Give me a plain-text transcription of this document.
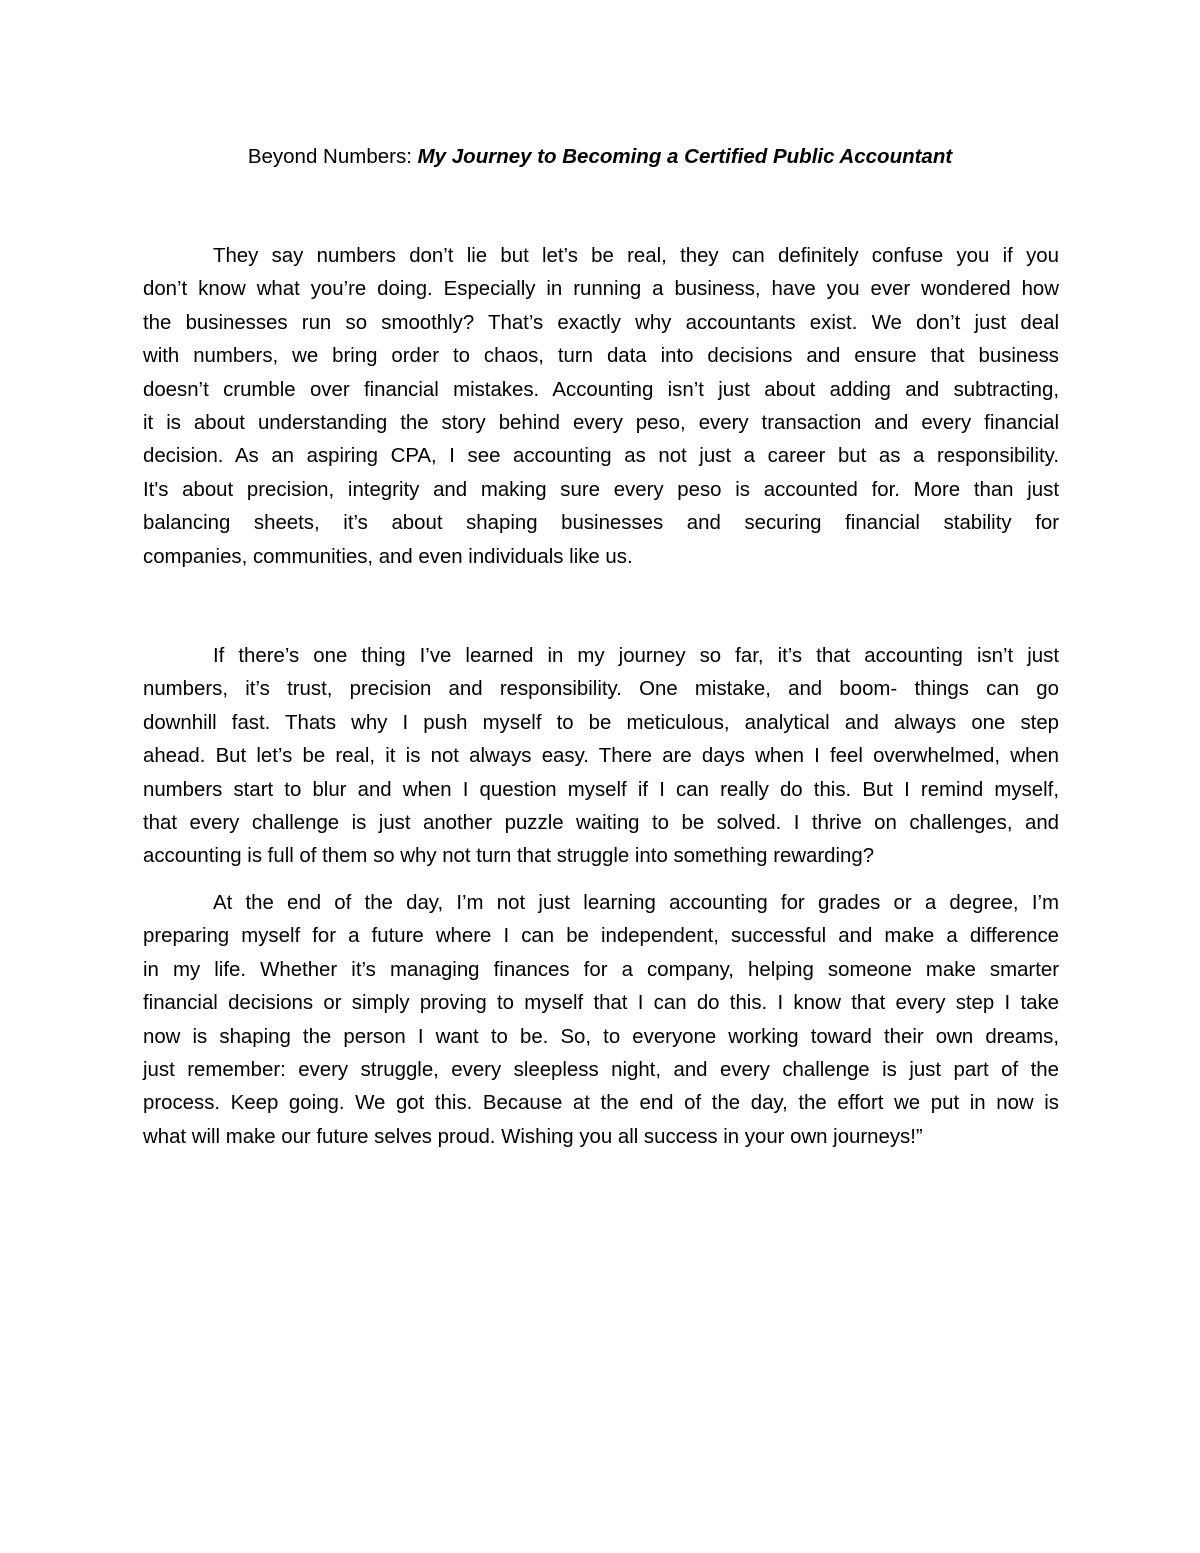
Beyond Numbers: My Journey to Becoming a Certified Public Accountant
They say numbers don’t lie but let’s be real, they can definitely confuse you if you
don’t know what you’re doing. Especially in running a business, have you ever wondered how
the businesses run so smoothly? That’s exactly why accountants exist. We don’t just deal
with numbers, we bring order to chaos, turn data into decisions and ensure that business
doesn’t crumble over financial mistakes. Accounting isn’t just about adding and subtracting,
it is about understanding the story behind every peso, every transaction and every financial
decision. As an aspiring CPA, I see accounting as not just a career but as a responsibility.
It's about precision, integrity and making sure every peso is accounted for. More than just
balancing sheets, it’s about shaping businesses and securing financial stability for
companies, communities, and even individuals like us.
If there’s one thing I’ve learned in my journey so far, it’s that accounting isn’t just
numbers, it’s trust, precision and responsibility. One mistake, and boom- things can go
downhill fast. Thats why I push myself to be meticulous, analytical and always one step
ahead. But let’s be real, it is not always easy. There are days when I feel overwhelmed, when
numbers start to blur and when I question myself if I can really do this. But I remind myself,
that every challenge is just another puzzle waiting to be solved. I thrive on challenges, and
accounting is full of them so why not turn that struggle into something rewarding?
At the end of the day, I’m not just learning accounting for grades or a degree, I’m
preparing myself for a future where I can be independent, successful and make a difference
in my life. Whether it’s managing finances for a company, helping someone make smarter
financial decisions or simply proving to myself that I can do this. I know that every step I take
now is shaping the person I want to be. So, to everyone working toward their own dreams,
just remember: every struggle, every sleepless night, and every challenge is just part of the
process. Keep going. We got this. Because at the end of the day, the effort we put in now is
what will make our future selves proud. Wishing you all success in your own journeys!”
